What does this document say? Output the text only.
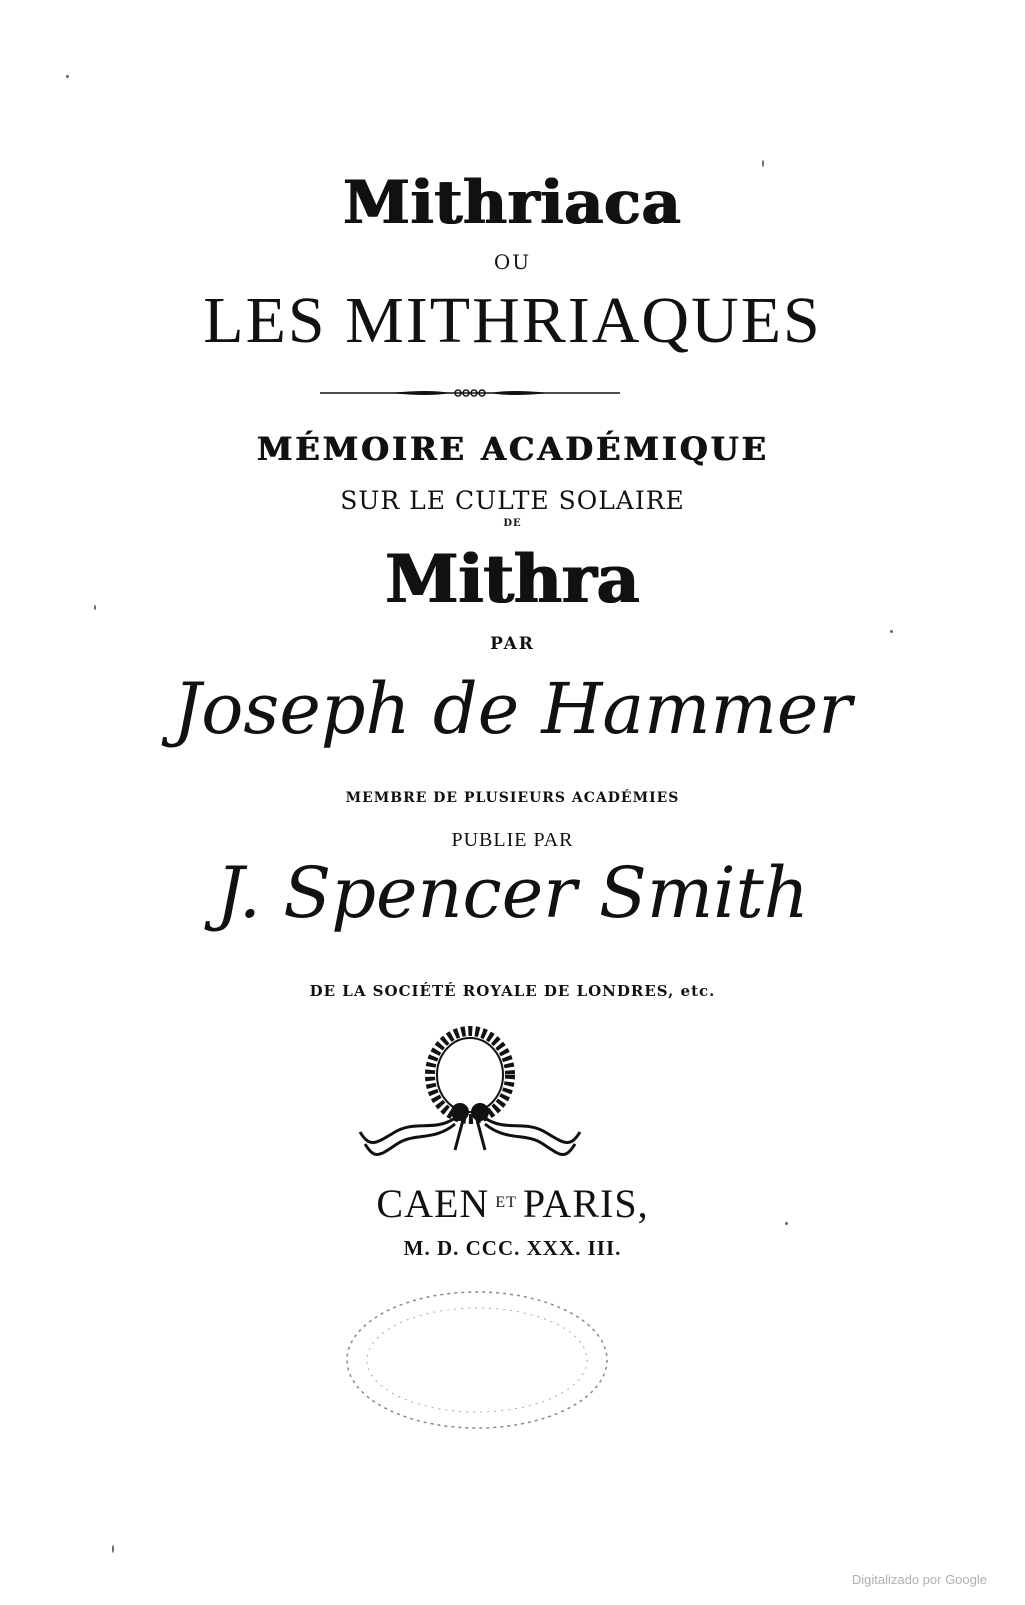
Mithriaca
OU
LES MITHRIAQUES
MÉMOIRE ACADÉMIQUE
SUR LE CULTE SOLAIRE
DE
Mithra
PAR
Joseph de Hammer
MEMBRE DE PLUSIEURS ACADÉMIES
PUBLIE PAR
J. Spencer Smith
DE LA SOCIÉTÉ ROYALE DE LONDRES, etc.
CAEN $^{ET}$ PARIS,
M. D. CCC. XXX. III.
Digitalizado por Google
